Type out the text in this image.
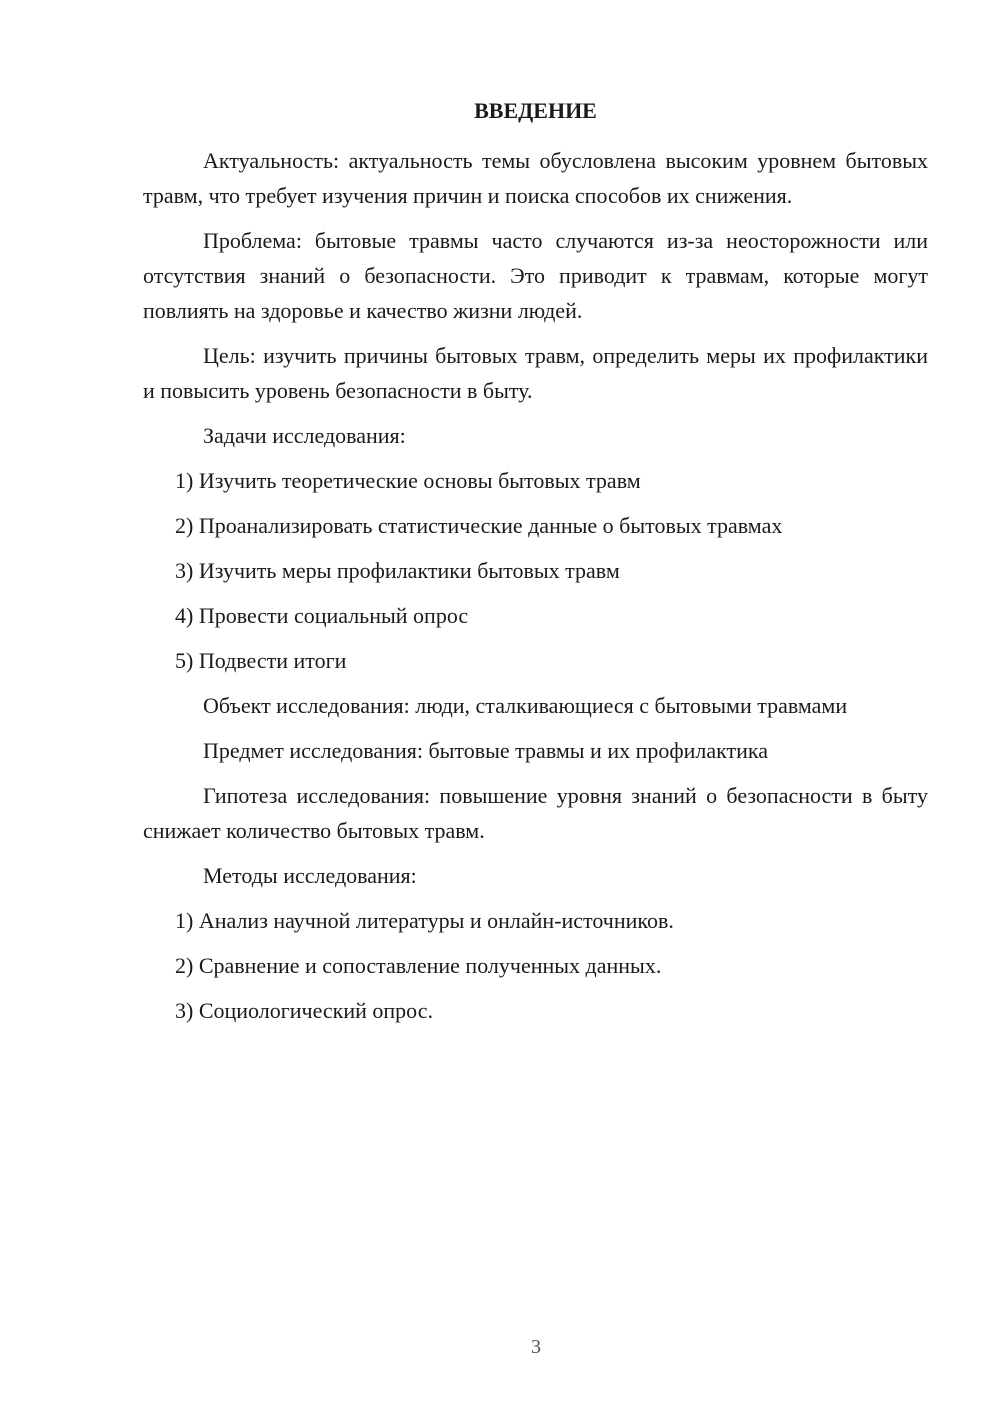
ВВЕДЕНИЕ

Актуальность: актуальность темы обусловлена высоким уровнем бытовых травм, что требует изучения причин и поиска способов их снижения.

Проблема: бытовые травмы часто случаются из-за неосторожности или отсутствия знаний о безопасности. Это приводит к травмам, которые могут повлиять на здоровье и качество жизни людей.

Цель: изучить причины бытовых травм, определить меры их профилактики и повысить уровень безопасности в быту.

Задачи исследования:

1) Изучить теоретические основы бытовых травм
2) Проанализировать статистические данные о бытовых травмах
3) Изучить меры профилактики бытовых травм
4) Провести социальный опрос
5) Подвести итоги

Объект исследования: люди, сталкивающиеся с бытовыми травмами

Предмет исследования: бытовые травмы и их профилактика

Гипотеза исследования: повышение уровня знаний о безопасности в быту снижает количество бытовых травм.

Методы исследования:

1) Анализ научной литературы и онлайн-источников.
2) Сравнение и сопоставление полученных данных.
3) Социологический опрос.
3
